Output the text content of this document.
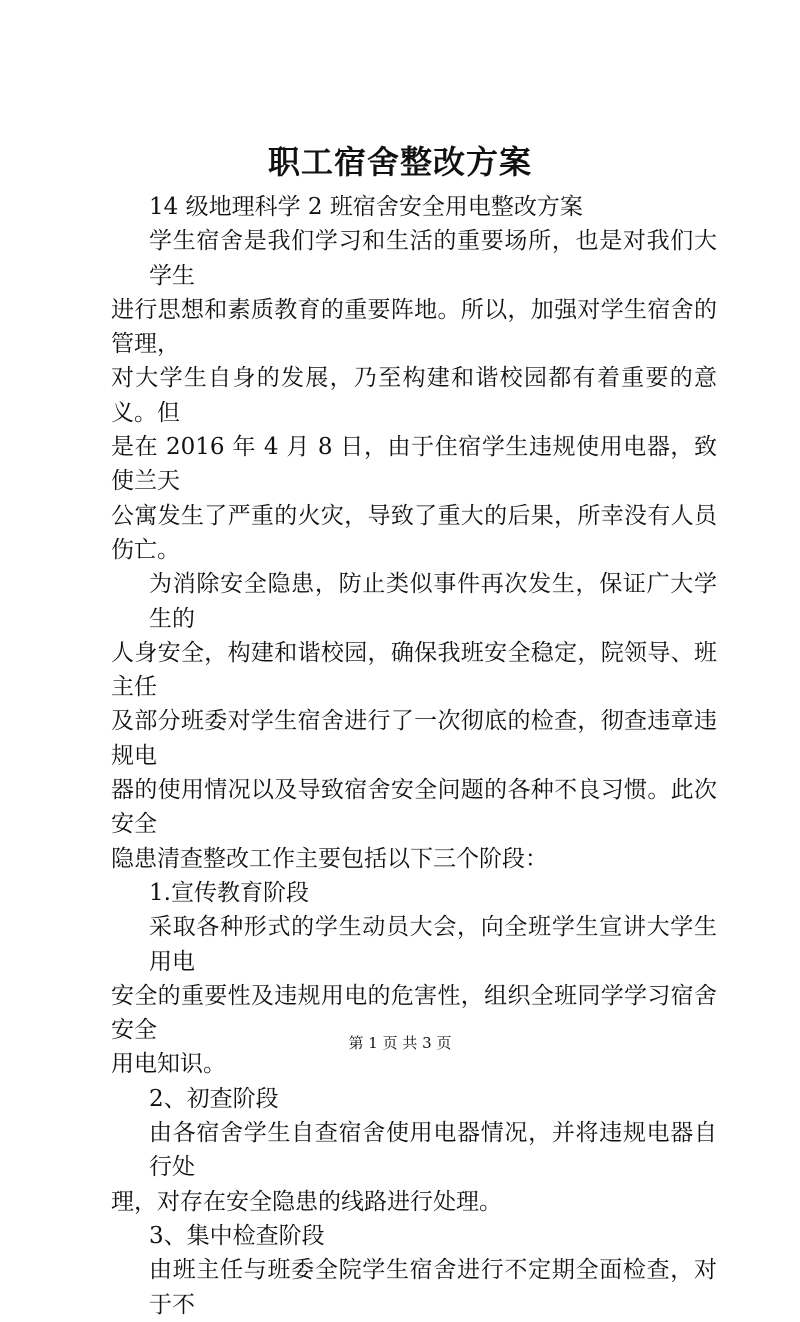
职工宿舍整改方案
14 级地理科学 2 班宿舍安全用电整改方案
学生宿舍是我们学习和生活的重要场所，也是对我们大学生
进行思想和素质教育的重要阵地。所以，加强对学生宿舍的管理，
对大学生自身的发展，乃至构建和谐校园都有着重要的意义。但
是在 2016 年 4 月 8 日，由于住宿学生违规使用电器，致使兰天
公寓发生了严重的火灾，导致了重大的后果，所幸没有人员伤亡。
为消除安全隐患，防止类似事件再次发生，保证广大学生的
人身安全，构建和谐校园，确保我班安全稳定，院领导、班主任
及部分班委对学生宿舍进行了一次彻底的检查，彻查违章违规电
器的使用情况以及导致宿舍安全问题的各种不良习惯。此次安全
隐患清查整改工作主要包括以下三个阶段：
1.宣传教育阶段
采取各种形式的学生动员大会，向全班学生宣讲大学生用电
安全的重要性及违规用电的危害性，组织全班同学学习宿舍安全
用电知识。
2、初查阶段
由各宿舍学生自查宿舍使用电器情况，并将违规电器自行处
理，对存在安全隐患的线路进行处理。
3、集中检查阶段
由班主任与班委全院学生宿舍进行不定期全面检查，对于不
第 1 页 共 3 页
